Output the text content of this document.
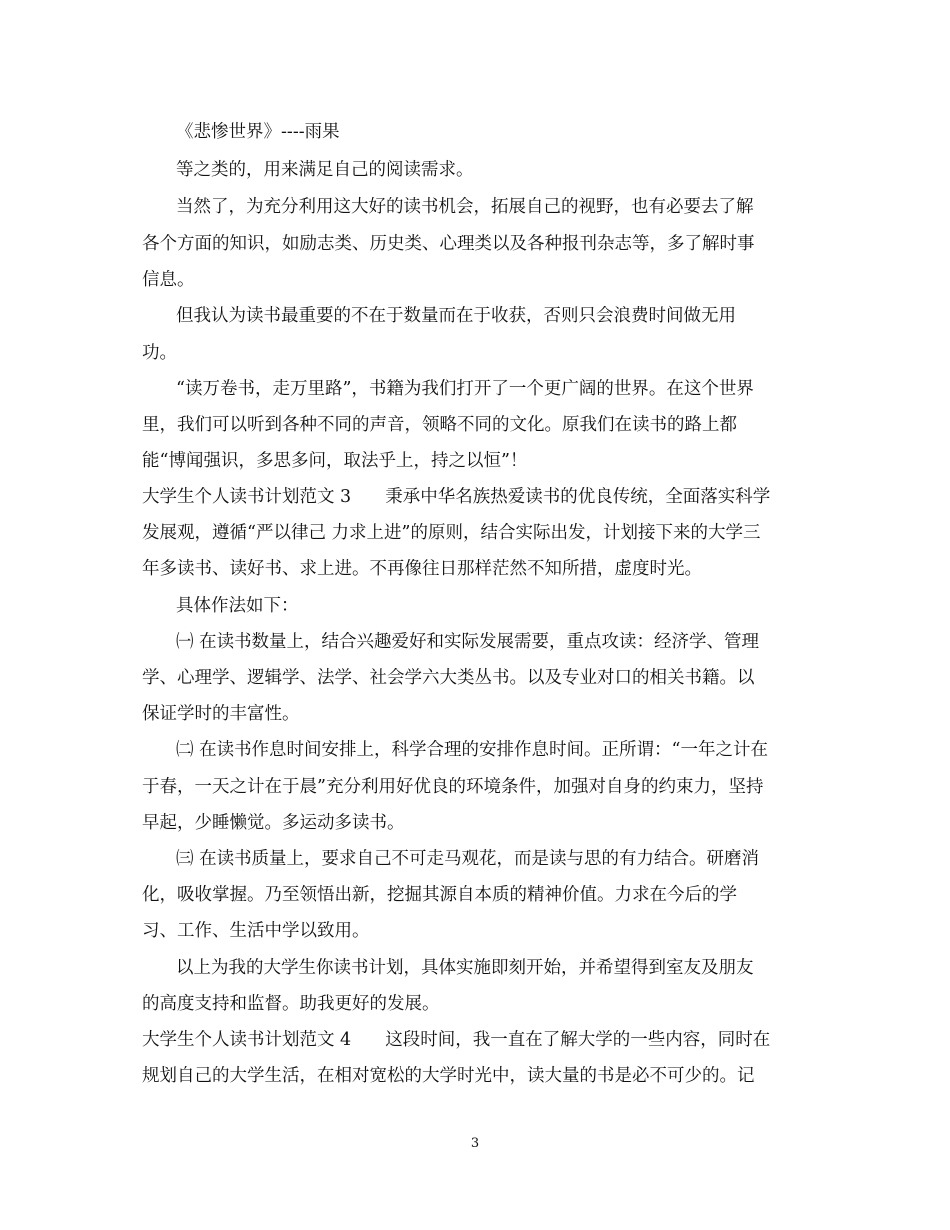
《悲惨世界》----雨果
等之类的，用来满足自己的阅读需求。
当然了，为充分利用这大好的读书机会，拓展自己的视野，也有必要去了解
各个方面的知识，如励志类、历史类、心理类以及各种报刊杂志等，多了解时事
信息。
但我认为读书最重要的不在于数量而在于收获，否则只会浪费时间做无用
功。
“读万卷书，走万里路”，书籍为我们打开了一个更广阔的世界。在这个世界
里，我们可以听到各种不同的声音，领略不同的文化。原我们在读书的路上都
能“博闻强识，多思多问，取法乎上，持之以恒”！
大学生个人读书计划范文 3 秉承中华名族热爱读书的优良传统，全面落实科学
发展观，遵循“严以律己 力求上进”的原则，结合实际出发，计划接下来的大学三
年多读书、读好书、求上进。不再像往日那样茫然不知所措，虚度时光。
具体作法如下：
㈠ 在读书数量上，结合兴趣爱好和实际发展需要，重点攻读：经济学、管理
学、心理学、逻辑学、法学、社会学六大类丛书。以及专业对口的相关书籍。以
保证学时的丰富性。
㈡ 在读书作息时间安排上，科学合理的安排作息时间。正所谓：“一年之计在
于春，一天之计在于晨”充分利用好优良的环境条件，加强对自身的约束力，坚持
早起，少睡懒觉。多运动多读书。
㈢ 在读书质量上，要求自己不可走马观花，而是读与思的有力结合。研磨消
化，吸收掌握。乃至领悟出新，挖掘其源自本质的精神价值。力求在今后的学
习、工作、生活中学以致用。
以上为我的大学生你读书计划，具体实施即刻开始，并希望得到室友及朋友
的高度支持和监督。助我更好的发展。
大学生个人读书计划范文 4 这段时间，我一直在了解大学的一些内容，同时在
规划自己的大学生活，在相对宽松的大学时光中，读大量的书是必不可少的。记
3
